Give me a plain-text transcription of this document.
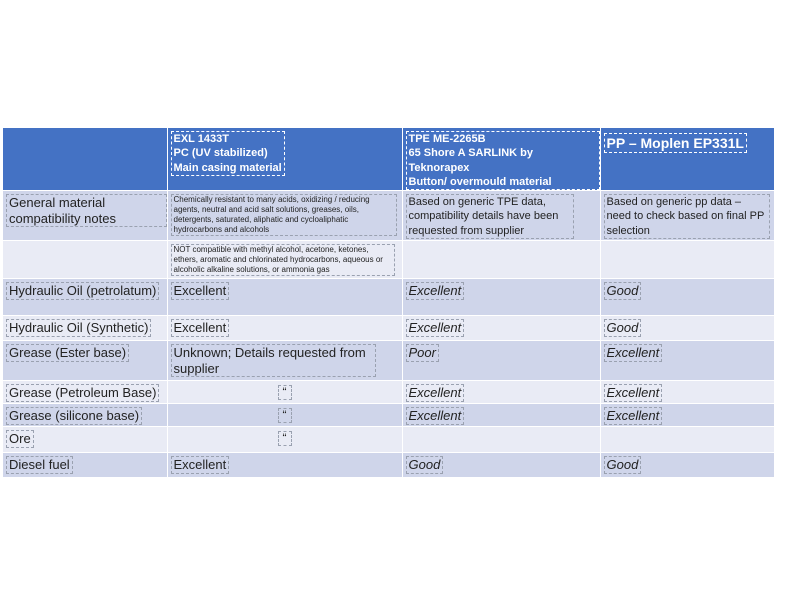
	EXL 1433T
PC (UV stabilized)
Main casing material	TPE ME-2265B
65 Shore A SARLINK by Teknorapex
Button/ overmould material	PP – Moplen EP331L
General material compatibility notes	Chemically resistant to many acids, oxidizing / reducing agents, neutral and acid salt solutions, greases, oils, detergents, saturated, aliphatic and cycloaliphatic hydrocarbons and alcohols	Based on generic TPE data, compatibility details have been requested from supplier	Based on generic pp data – need to check based on final PP selection
	NOT compatible with methyl alcohol, acetone, ketones, ethers, aromatic and chlorinated hydrocarbons, aqueous or alcoholic alkaline solutions, or ammonia gas		
Hydraulic Oil (petrolatum)	Excellent	Excellent	Good
Hydraulic Oil (Synthetic)	Excellent	Excellent	Good
Grease (Ester base)	Unknown; Details requested from supplier	Poor	Excellent
Grease (Petroleum Base)	“	Excellent	Excellent
Grease (silicone base)	“	Excellent	Excellent
Ore	“		

Diesel fuel	Excellent	Good	Good
